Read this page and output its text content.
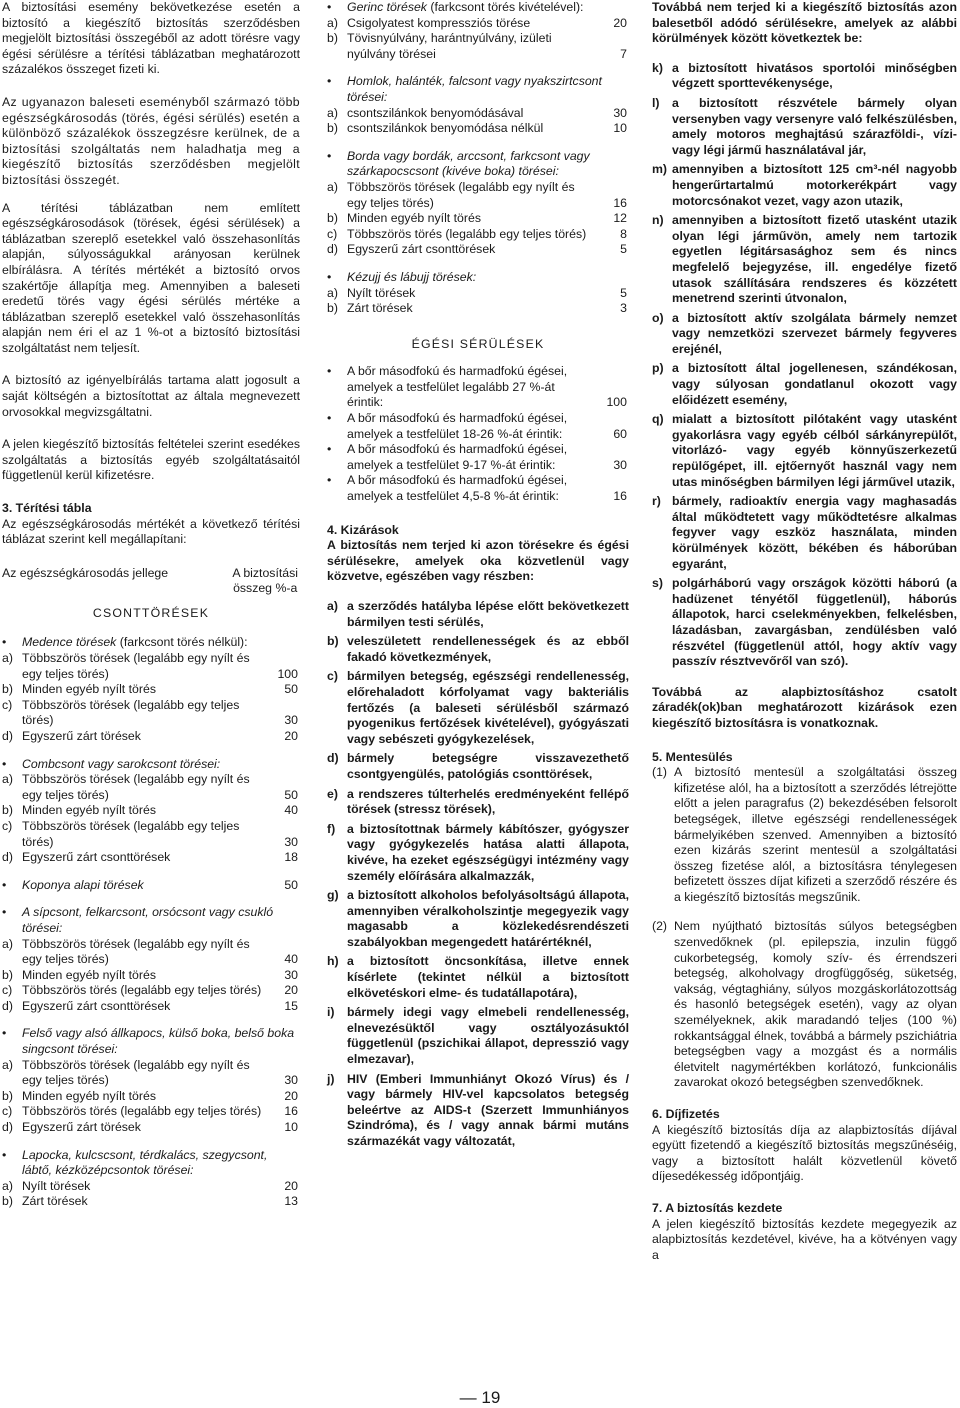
A biztosítási esemény bekövetkezése esetén a biztosító a kiegészítő biztosítás szerződésben megjelölt biztosítási összegéből az adott törésre vagy égési sérülésre a térítési táblázatban meghatározott százalékos összeget fizeti ki.

Az ugyanazon baleseti eseményből származó több egészségkárosodás (törés, égési sérülés) esetén a különböző százalékok összegzésre kerülnek, de a biztosítási szolgáltatás nem haladhatja meg a kiegészítő biztosítás szerződésben megjelölt biztosítási összegét.

A térítési táblázatban nem említett egészségkárosodások (törések, égési sérülések) a táblázatban szereplő esetekkel való összehasonlítás alapján, súlyosságukkal arányosan kerülnek elbírálásra. A térítés mértékét a biztosító orvos szakértője állapítja meg. Amennyiben a baleseti eredetű törés vagy égési sérülés mértéke a táblázatban szereplő esetekkel való összehasonlítás alapján nem éri el az 1 %-ot a biztosító biztosítási szolgáltatást nem teljesít.

A biztosító az igényelbírálás tartama alatt jogosult a saját költségén a biztosítottat az általa megnevezett orvosokkal megvizsgáltatni.

A jelen kiegészítő biztosítás feltételei szerint esedékes szolgáltatás a biztosítás egyéb szolgáltatásaitól függetlenül kerül kifizetésre.

3. Térítési tábla

Az egészségkárosodás mértékét a következő térítési táblázat szerint kell megállapítani:

Az egészségkárosodás jellege	A biztosítási
összeg %-a

CSONTTÖRÉSEK

• Medence törések (farkcsont törés nélkül):
a) Többszörös törések (legalább egy nyílt és egy teljes törés)	100
b) Minden egyéb nyílt törés	50
c) Többszörös törések (legalább egy teljes törés)	30
d) Egyszerű zárt törések	20
• Combcsont vagy sarokcsont törései:
a) Többszörös törések (legalább egy nyílt és egy teljes törés)	50
b) Minden egyéb nyílt törés	40
c) Többszörös törések (legalább egy teljes törés)	30
d) Egyszerű zárt csonttörések	18
• Koponya alapi törések	50
• A sípcsont, felkarcsont, orsócsont vagy csukló törései:
a) Többszörös törések (legalább egy nyílt és egy teljes törés)	40
b) Minden egyéb nyílt törés	30
c) Többszörös törés (legalább egy teljes törés) 20
d) Egyszerű zárt csonttörések	15
• Felső vagy alsó állkapocs, külső boka, belső boka singcsont törései:
a) Többszörös törések (legalább egy nyílt és egy teljes törés)	30
b) Minden egyéb nyílt törés	20
c) Többszörös törés (legalább egy teljes törés) 16
d) Egyszerű zárt törések	10
• Lapocka, kulcscsont, térdkalács, szegycsont, lábtő, kézközépcsontok törései:
a) Nyílt törések	20
b) Zárt törések	13
• Gerinc törések (farkcsont törés kivételével):
a) Csigolyatest kompressziós törése	20
b) Tövisnyúlvány, harántnyúlvány, izületi nyúlvány törései	7
• Homlok, halánték, falcsont vagy nyakszirtcsont törései:
a) csontszilánkok benyomódásával	30
b) csontszilánkok benyomódása nélkül	10
• Borda vagy bordák, arccsont, farkcsont vagy szárkapocscsont (kivéve boka) törései:
a) Többszörös törések (legalább egy nyílt és egy teljes törés)	16
b) Minden egyéb nyílt törés	12
c) Többszörös törés (legalább egy teljes törés)	8
d) Egyszerű zárt csonttörések	5
• Kézujj és lábujj törések:
a) Nyílt törések	5
b) Zárt törések	3

ÉGÉSI SÉRÜLÉSEK

• A bőr másodfokú és harmadfokú égései, amelyek a testfelület legalább 27 %-át érintik:	100
• A bőr másodfokú és harmadfokú égései, amelyek a testfelület 18-26 %-át érintik:	60
• A bőr másodfokú és harmadfokú égései, amelyek a testfelület 9-17 %-át érintik:	30
• A bőr másodfokú és harmadfokú égései, amelyek a testfelület 4,5-8 %-át érintik:	16

4. Kizárások

A biztosítás nem terjed ki azon törésekre és égési sérülésekre, amelyek oka közvetlenül vagy közvetve, egészében vagy részben:

a) a szerződés hatályba lépése előtt bekövetkezett bármilyen testi sérülés,
b) veleszületett rendellenességek és az ebből fakadó következmények,
c) bármilyen betegség, egészségi rendellenesség, előrehaladott kórfolyamat vagy bakteriális fertőzés (a baleseti sérülésből származó pyogenikus fertőzések kivételével), gyógyászati vagy sebészeti gyógykezelések,
d) bármely betegségre visszavezethető csontgyengülés, patológiás csonttörések,
e) a rendszeres túlterhelés eredményeként fellépő törések (stressz törések),
f) a biztosítottnak bármely kábítószer, gyógyszer vagy gyógykezelés hatása alatti állapota, kivéve, ha ezeket egészségügyi intézmény vagy személy előírására alkalmazzák,
g) a biztosított alkoholos befolyásoltságú állapota, amennyiben véralkoholszintje megegyezik vagy magasabb a közlekedésrendészeti szabályokban megengedett határértéknél,
h) a biztosított öncsonkítása, illetve ennek kísérlete (tekintet nélkül a biztosított elkövetéskori elme- és tudatállapotára),
i) bármely idegi vagy elmebeli rendellenesség, elnevezésüktől vagy osztályozásuktól függetlenül (pszichikai állapot, depresszió vagy elmezavar),
j) HIV (Emberi Immunhiányt Okozó Vírus) és / vagy bármely HIV-vel kapcsolatos betegség beleértve az AIDS-t (Szerzett Immunhiányos Szindróma), és / vagy annak bármi mutáns származékát vagy változatát,

Továbbá nem terjed ki a kiegészítő biztosítás azon balesetből adódó sérülésekre, amelyek az alábbi körülmények között következtek be:

k) a biztosított hivatásos sportolói minőségben végzett sporttevékenysége,
l) a biztosított részvétele bármely olyan versenyben vagy versenyre való felkészülésben, amely motoros meghajtású szárazföldi-, vízi- vagy légi jármű használatával jár,
m) amennyiben a biztosított 125 cm³-nél nagyobb hengerűrtartalmú motorkerékpárt vagy motorcsónakot vezet, vagy azon utazik,
n) amennyiben a biztosított fizető utasként utazik olyan légi járművön, amely nem tartozik egyetlen légitársasághoz sem és nincs megfelelő bejegyzése, ill. engedélye fizető utasok szállítására rendszeres és közzétett menetrend szerinti útvonalon,
o) a biztosított aktív szolgálata bármely nemzet vagy nemzetközi szervezet bármely fegyveres erejénél,
p) a biztosított által jogellenesen, szándékosan, vagy súlyosan gondatlanul okozott vagy előidézett esemény,
q) mialatt a biztosított pilótaként vagy utasként gyakorlásra vagy egyéb célból sárkányrepülőt, vitorlázó- vagy egyéb könnyűszerkezetű repülőgépet, ill. ejtőernyőt használ vagy nem utas minőségben bármilyen légi járművel utazik,
r) bármely, radioaktív energia vagy maghasadás által működtetett vagy működtetésre alkalmas fegyver vagy eszköz használata, minden körülmények között, békében és háborúban egyaránt,
s) polgárháború vagy országok közötti háború (a hadüzenet tényétől függetlenül), háborús állapotok, harci cselekményekben, felkelésben, lázadásban, zavargásban, zendülésben való részvétel (függetlenül attól, hogy aktív vagy passzív résztvevőről van szó).

Továbbá az alapbiztosításhoz csatolt záradék(ok)ban meghatározott kizárások ezen kiegészítő biztosításra is vonatkoznak.

5. Mentesülés

(1) A biztosító mentesül a szolgáltatási összeg kifizetése alól, ha a biztosított a szerződés létrejötte előtt a jelen paragrafus (2) bekezdésében felsorolt betegségek, illetve egészségi rendellenességek bármelyikében szenved. Amennyiben a biztosító ezen kizárás szerint mentesül a szolgáltatási összeg fizetése alól, a biztosításra ténylegesen befizetett összes díjat kifizeti a szerződő részére és a kiegészítő biztosítás megszűnik.
(2) Nem nyújtható biztosítás súlyos betegségben szenvedőknek (pl. epilepszia, inzulin függő cukorbetegség, komoly szív- és érrendszeri betegség, alkoholvagy drogfüggőség, süketség, vakság, végtaghiány, súlyos mozgáskorlátozottság és hasonló betegségek esetén), vagy az olyan személyeknek, akik maradandó teljes (100 %) rokkantsággal élnek, továbbá a bármely pszichiátria betegségben vagy a mozgást és a normális életvitelt nagymértékben korlátozó, funkcionális zavarokat okozó betegségben szenvedőknek.

6. Díjfizetés

A kiegészítő biztosítás díja az alapbiztosítás díjával együtt fizetendő a kiegészítő biztosítás megszűnéséig, vagy a biztosított halált közvetlenül követő díjesedékesség időpontjáig.

7. A biztosítás kezdete

A jelen kiegészítő biztosítás kezdete megegyezik az alapbiztosítás kezdetével, kivéve, ha a kötvényen vagy a

— 19
